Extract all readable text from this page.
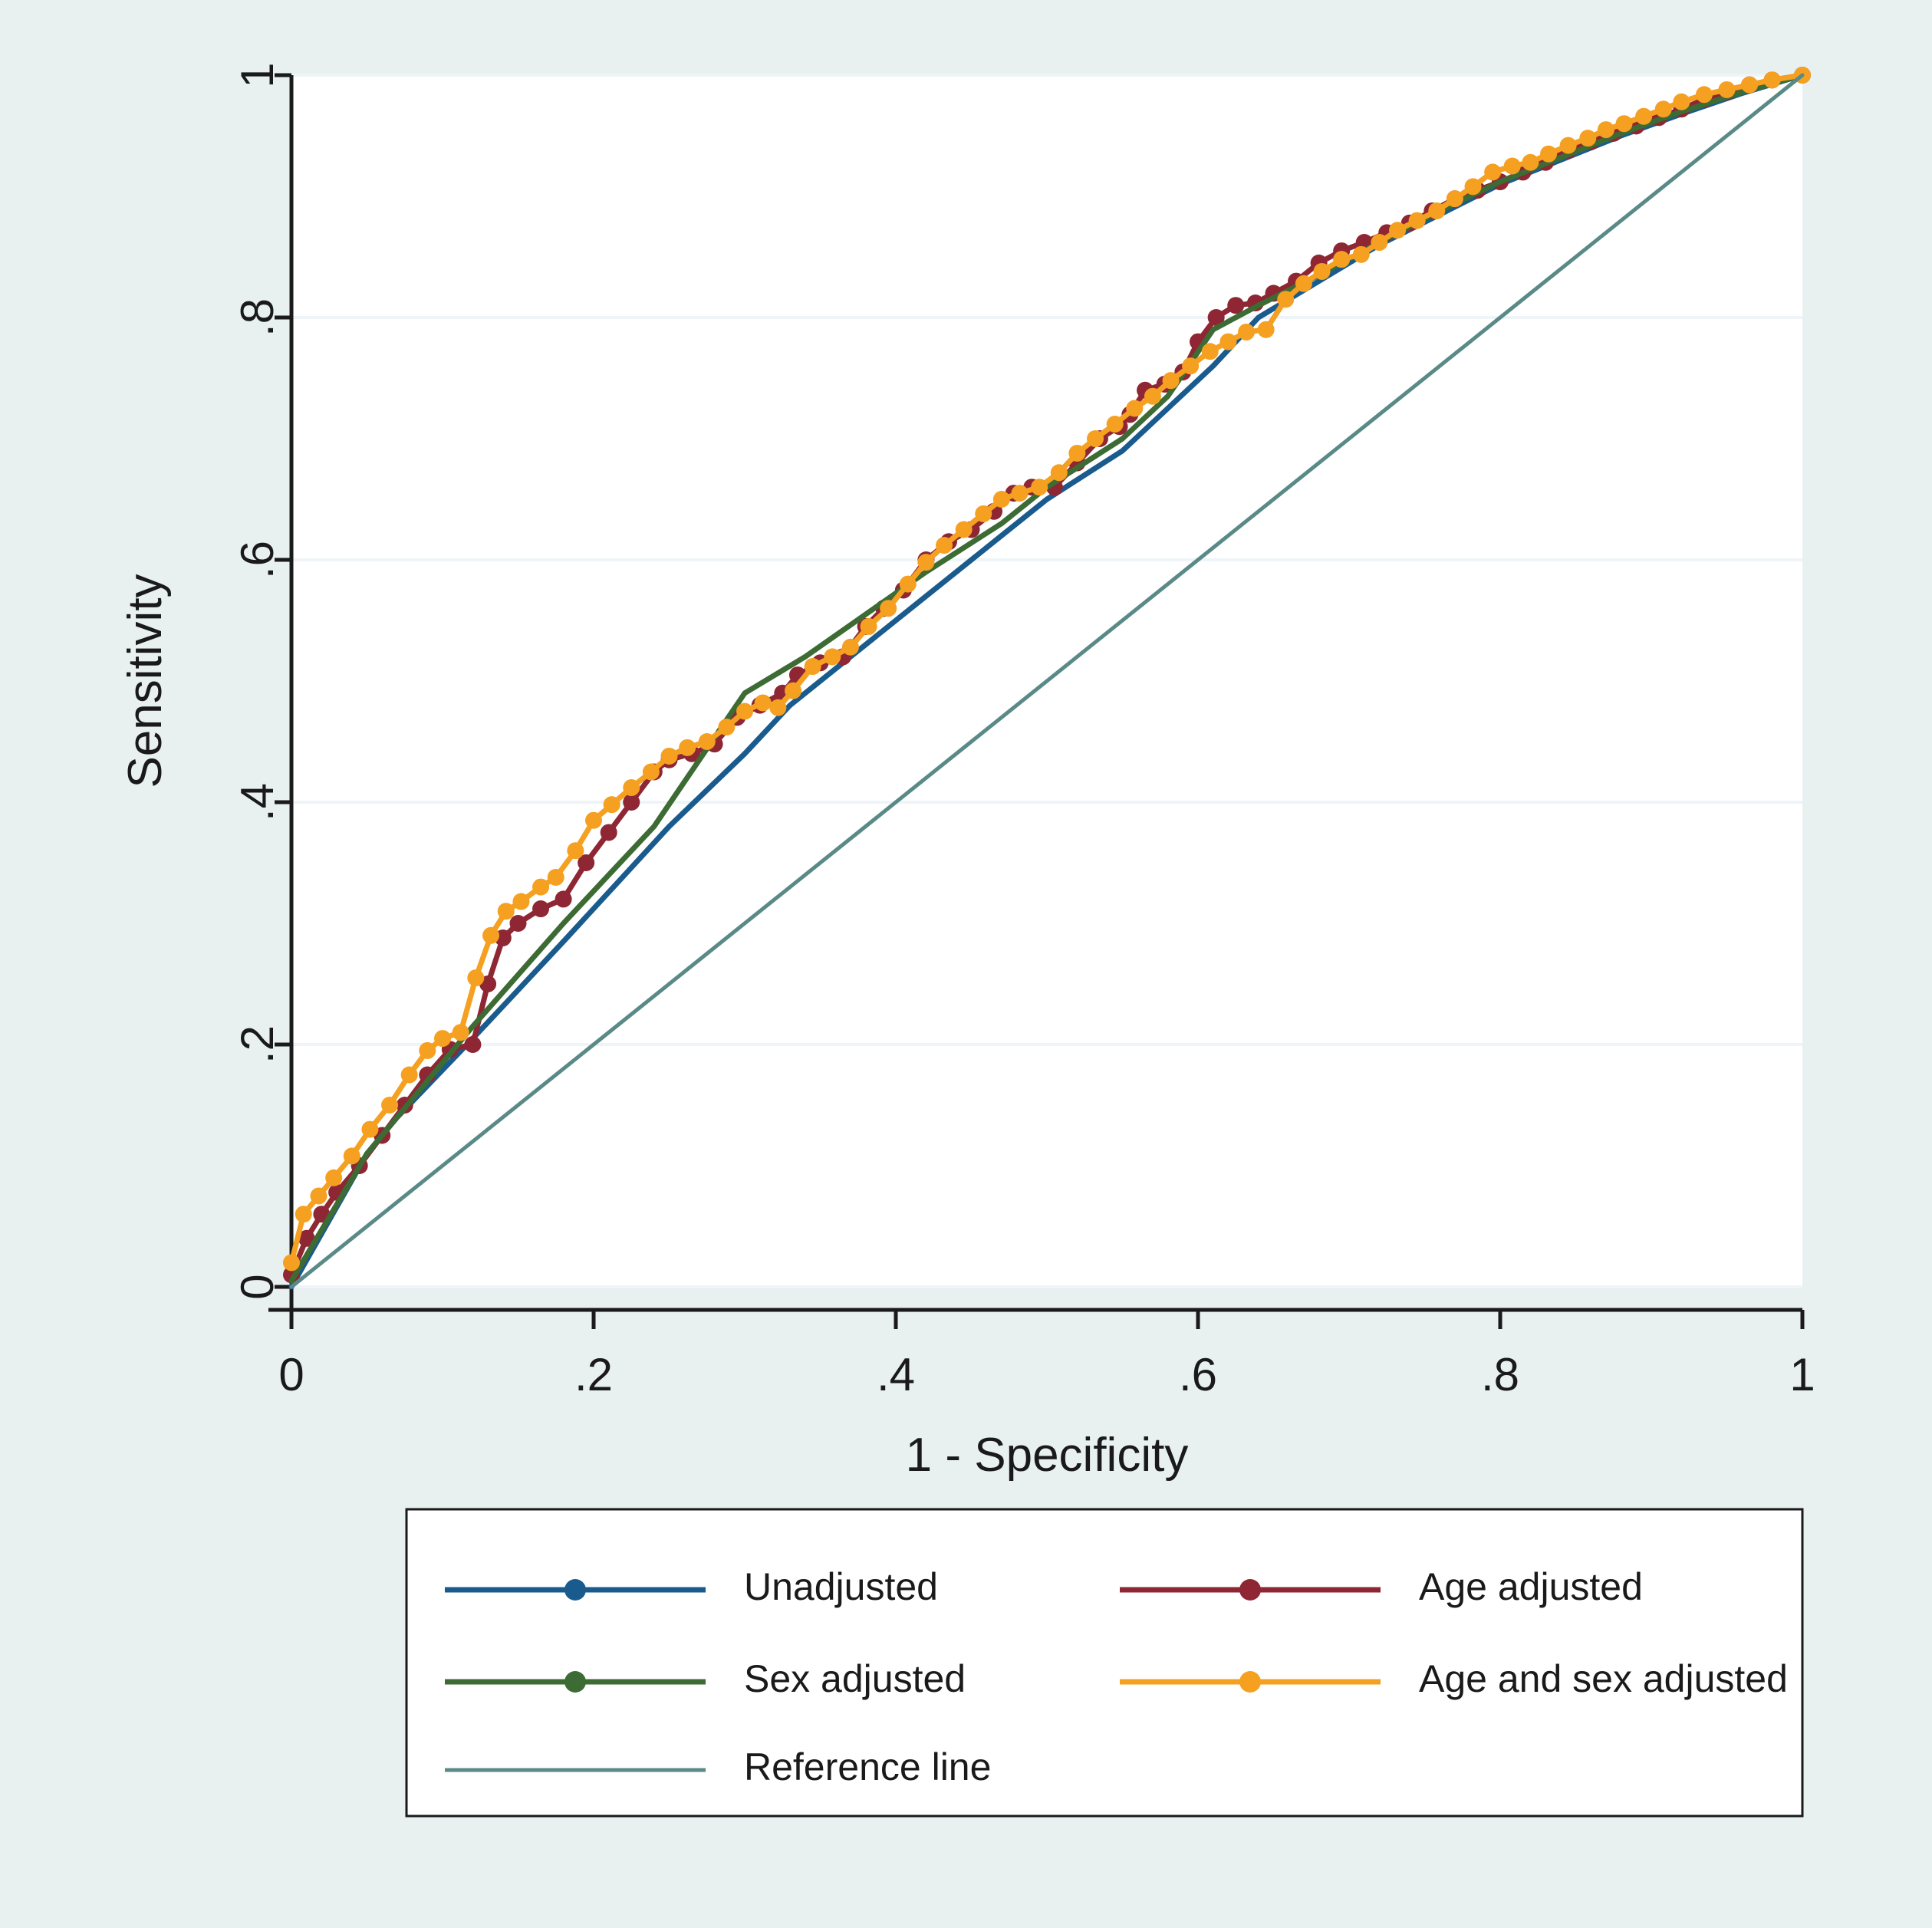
0
.2
.4
.6
.8
1
0	.2	.4	.6	.8	1
Sensitivity
1 - Specificity
Unadjusted	Age adjusted
Sex adjusted	Age and sex adjusted
Reference line
